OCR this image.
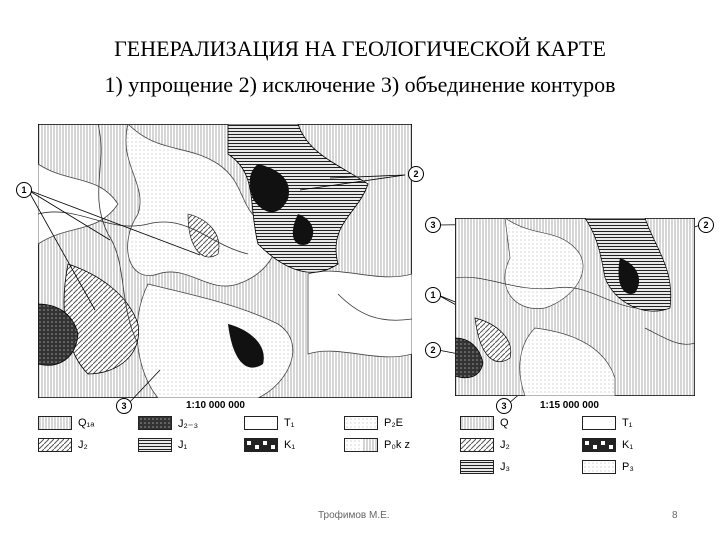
ГЕНЕРАЛИЗАЦИЯ НА ГЕОЛОГИЧЕСКОЙ КАРТЕ
1) упрощение 2) исключение 3) объединение контуров
1
2
3	1:10 000 000
Q₁ₐ	J₂₋₃	T₁	P₂E
J₂	J₁	K₁	P₀k z
3	2
1
2
3	1:15 000 000
Q	T₁
J₂	K₁
J₃	P₃
Трофимов М.Е.	8
